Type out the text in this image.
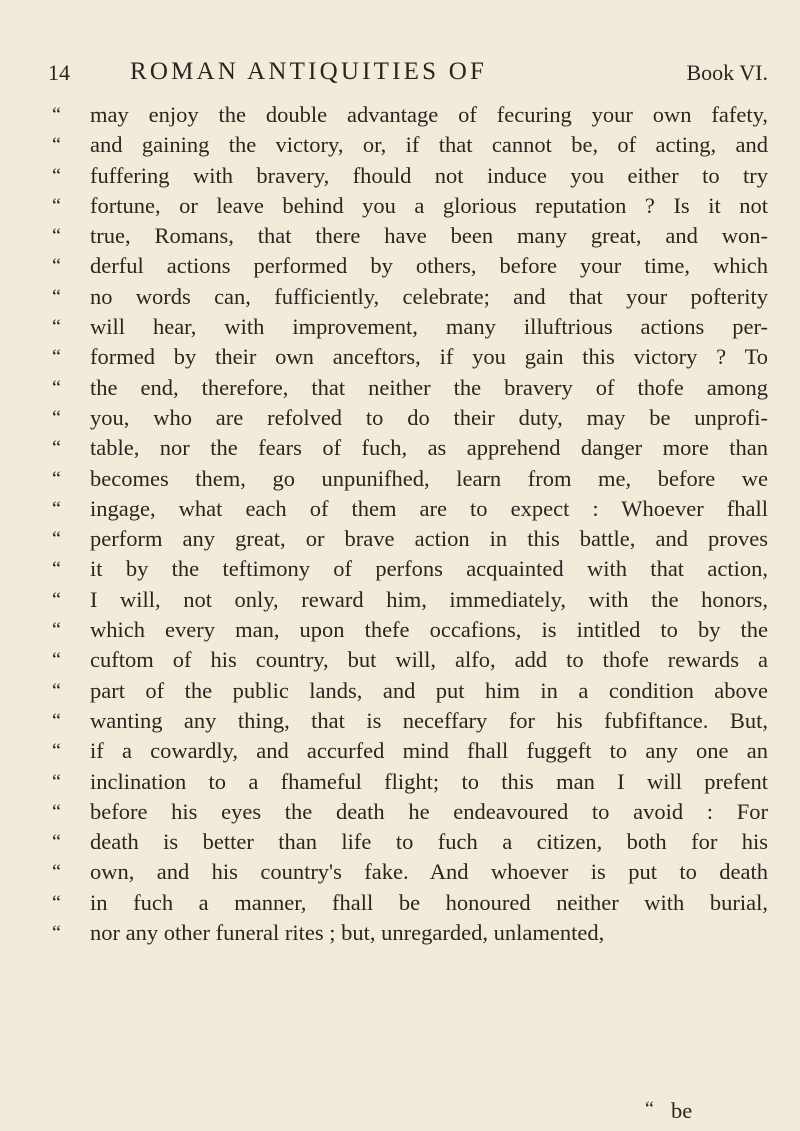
14 ROMAN ANTIQUITIES OF	Book VI.
“ may enjoy the double advantage of fecuring your own fafety,
“ and gaining the victory, or, if that cannot be, of acting, and
“ fuffering with bravery, fhould not induce you either to try
“ fortune, or leave behind you a glorious reputation ? Is it not
“ true, Romans, that there have been many great, and won-
“ derful actions performed by others, before your time, which
“ no words can, fufficiently, celebrate; and that your pofterity
“ will hear, with improvement, many illuftrious actions per-
“ formed by their own anceftors, if you gain this victory ? To
“ the end, therefore, that neither the bravery of thofe among
“ you, who are refolved to do their duty, may be unprofi-
“ table, nor the fears of fuch, as apprehend danger more than
“ becomes them, go unpunifhed, learn from me, before we
“ ingage, what each of them are to expect : Whoever fhall
“ perform any great, or brave action in this battle, and proves
“ it by the teftimony of perfons acquainted with that action,
“ I will, not only, reward him, immediately, with the honors,
“ which every man, upon thefe occafions, is intitled to by the
“ cuftom of his country, but will, alfo, add to thofe rewards a
“ part of the public lands, and put him in a condition above
“ wanting any thing, that is neceffary for his fubfiftance. But,
“ if a cowardly, and accurfed mind fhall fuggeft to any one an
“ inclination to a fhameful flight; to this man I will prefent
“ before his eyes the death he endeavoured to avoid : For
“ death is better than life to fuch a citizen, both for his
“ own, and his country's fake. And whoever is put to death
“ in fuch a manner, fhall be honoured neither with burial,
“ nor any other funeral rites ; but, unregarded, unlamented,
“ be
